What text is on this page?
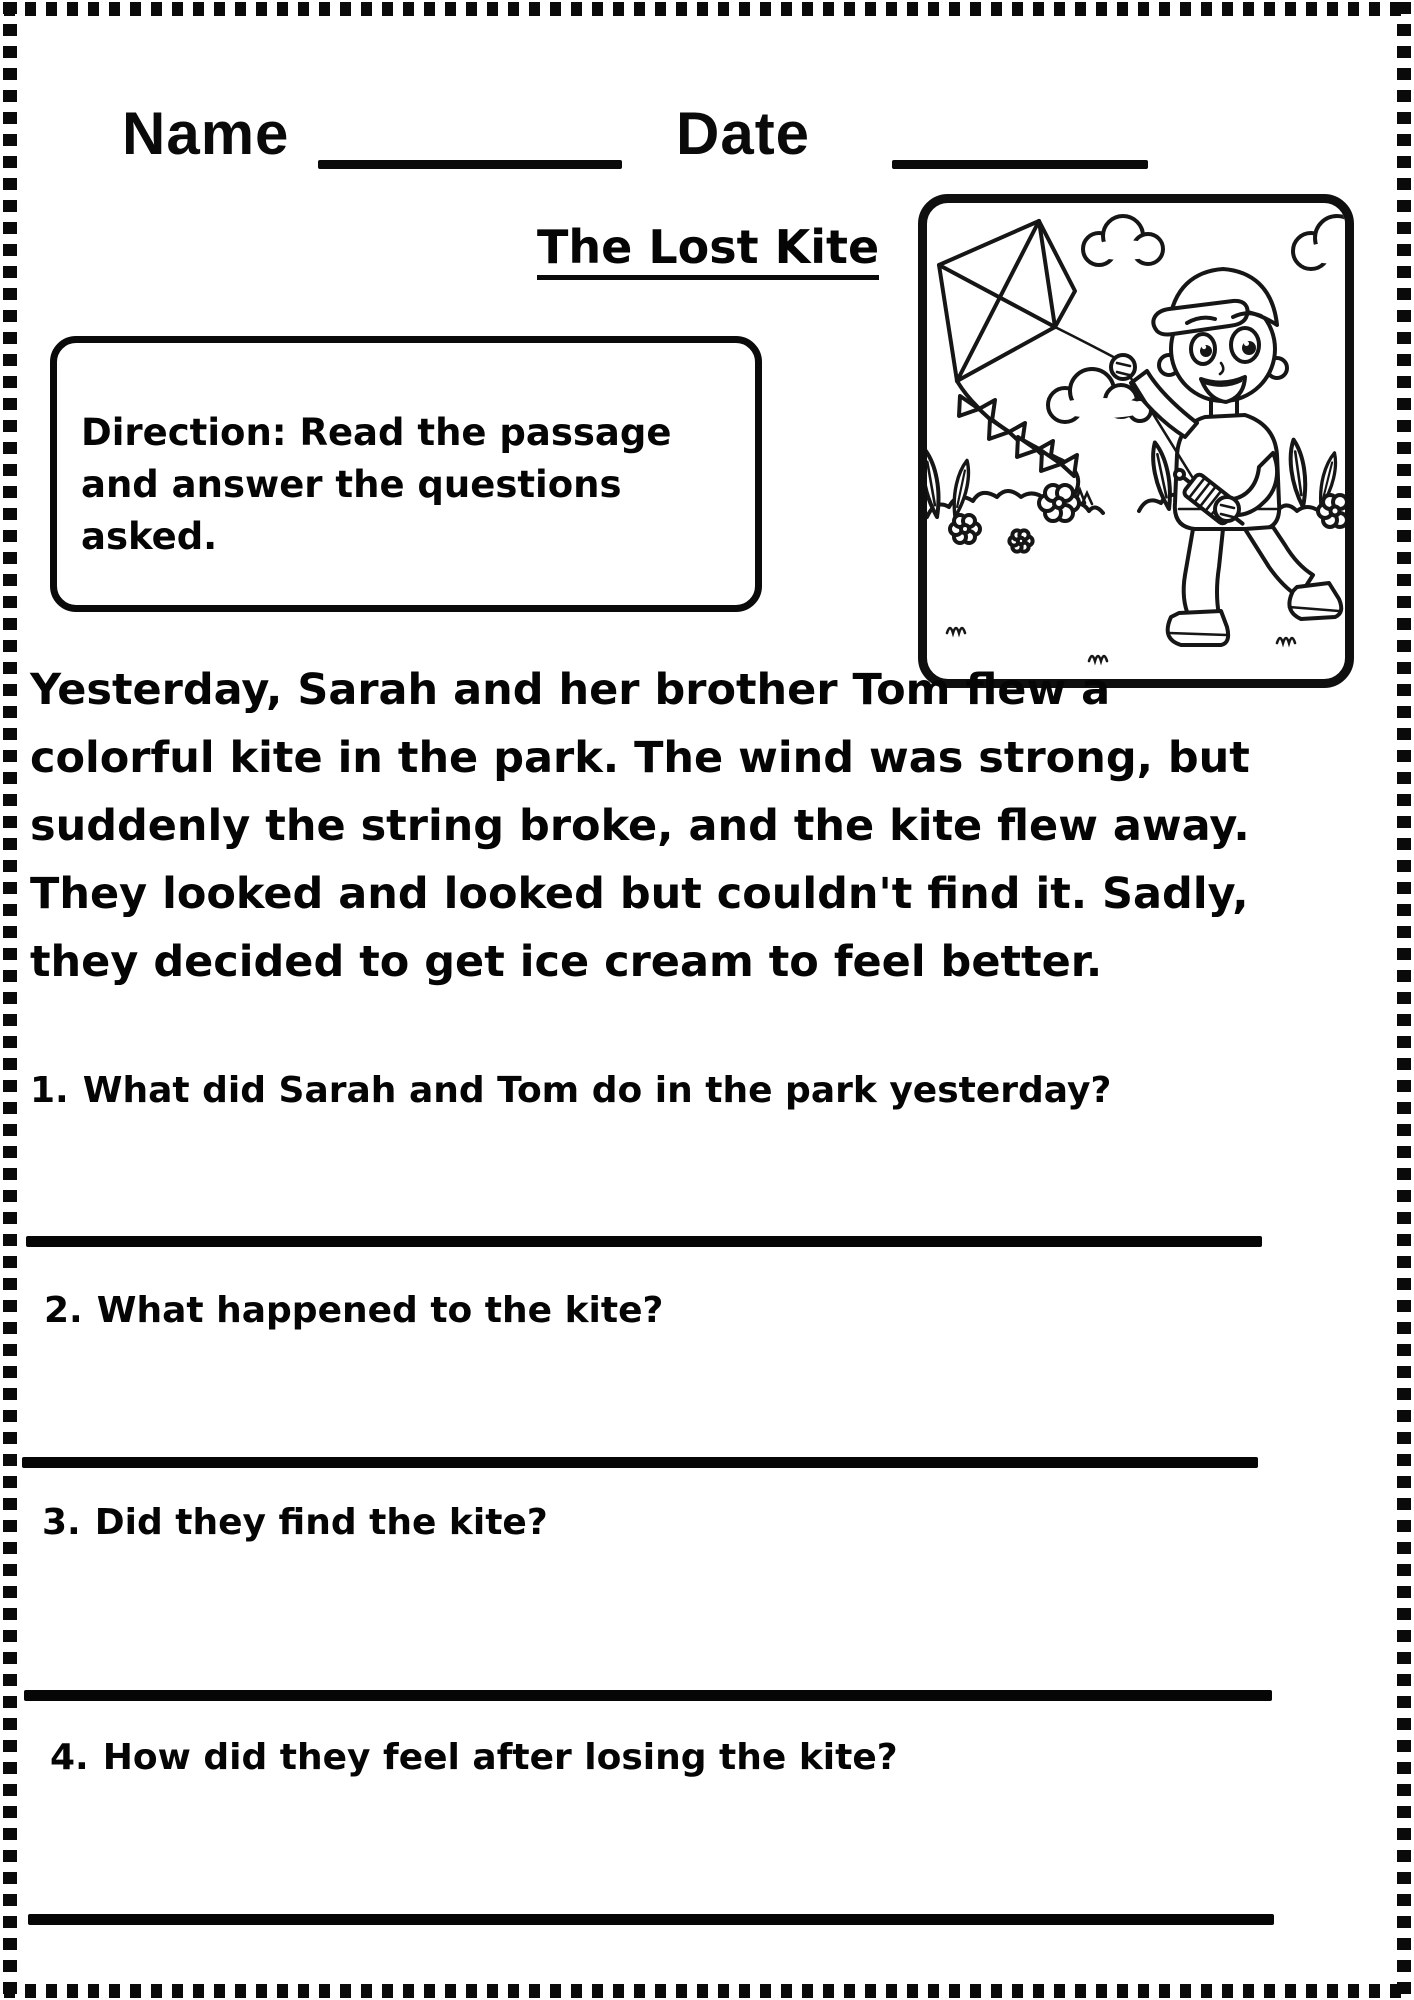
Name	Date
The Lost Kite
Direction: Read the passage
and answer the questions
asked.
Yesterday, Sarah and her brother Tom flew a
colorful kite in the park. The wind was strong, but
suddenly the string broke, and the kite flew away.
They looked and looked but couldn't find it. Sadly,
they decided to get ice cream to feel better.
1. What did Sarah and Tom do in the park yesterday?
2. What happened to the kite?
3. Did they find the kite?
4. How did they feel after losing the kite?
